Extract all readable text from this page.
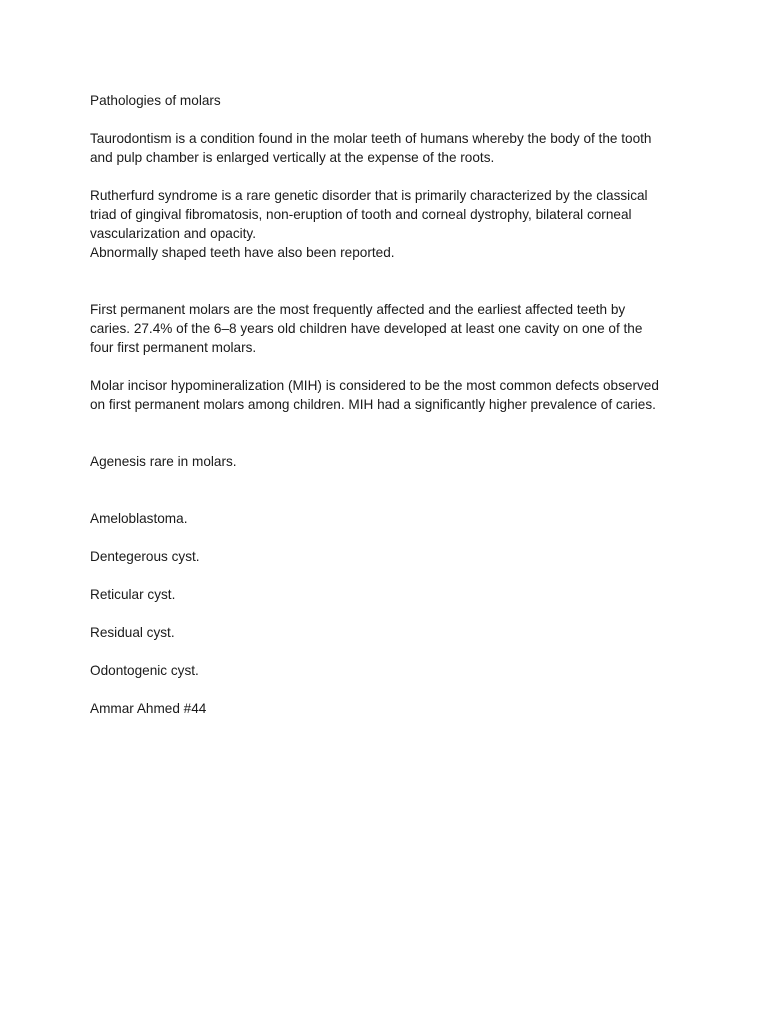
Pathologies of molars

Taurodontism is a condition found in the molar teeth of humans whereby the body of the tooth
and pulp chamber is enlarged vertically at the expense of the roots.

Rutherfurd syndrome is a rare genetic disorder that is primarily characterized by the classical
triad of gingival fibromatosis, non-eruption of tooth and corneal dystrophy, bilateral corneal
vascularization and opacity.
Abnormally shaped teeth have also been reported.

First permanent molars are the most frequently affected and the earliest affected teeth by
caries. 27.4% of the 6–8 years old children have developed at least one cavity on one of the
four first permanent molars.

Molar incisor hypomineralization (MIH) is considered to be the most common defects observed
on first permanent molars among children. MIH had a significantly higher prevalence of caries.

Agenesis rare in molars.

Ameloblastoma.

Dentegerous cyst.

Reticular cyst.

Residual cyst.

Odontogenic cyst.

Ammar Ahmed #44
